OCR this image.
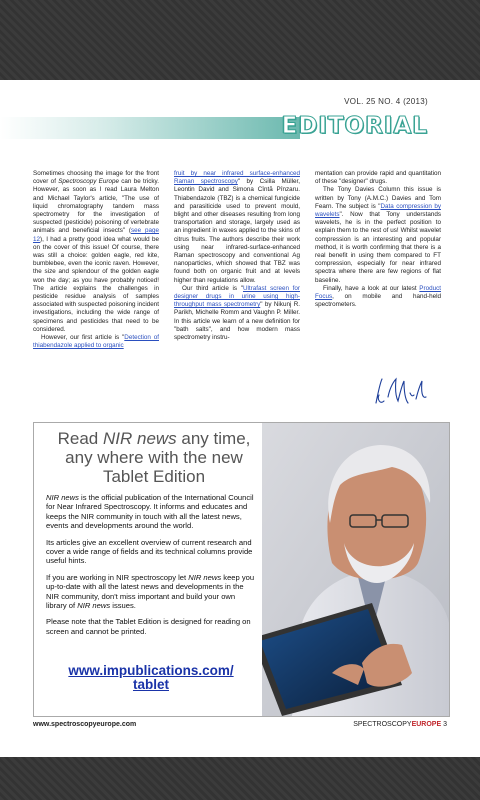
VOL. 25 NO. 4 (2013)
EDITORIAL

Sometimes choosing the image for the front cover of Spectroscopy Europe can be tricky. However, as soon as I read Laura Melton and Michael Taylor's article, "The use of liquid chromatography tandem mass spectrometry for the investigation of suspected (pesticide) poisoning of vertebrate animals and beneficial insects" (see page 12), I had a pretty good idea what would be on the cover of this issue! Of course, there was still a choice: golden eagle, red kite, bumblebee, even the iconic raven. However, the size and splendour of the golden eagle won the day; as you have probably noticed! The article explains the challenges in pesticide residue analysis of samples associated with suspected poisoning incident investigations, including the wide range of specimens and pesticides that need to be considered.

However, our first article is "Detection of thiabendazole applied to organic

fruit by near infrared surface-enhanced Raman spectroscopy" by Csilla Müller, Leontin David and Simona Cîntă Pînzaru. Thiabendazole (TBZ) is a chemical fungicide and parasiticide used to prevent mould, blight and other diseases resulting from long transportation and storage, largely used as an ingredient in waxes applied to the skins of citrus fruits. The authors describe their work using near infrared-surface-enhanced Raman spectroscopy and conventional Ag nanoparticles, which showed that TBZ was found both on organic fruit and at levels higher than regulations allow.

Our third article is "Ultrafast screen for designer drugs in urine using high-throughput mass spectrometry" by Nikunj R. Parikh, Michelle Romm and Vaughn P. Miller. In this article we learn of a new definition for "bath salts", and how modern mass spectrometry instru-

mentation can provide rapid and quantitation of these "designer" drugs.

The Tony Davies Column this issue is written by Tony (A.M.C.) Davies and Tom Fearn. The subject is "Data compression by wavelets". Now that Tony understands wavelets, he is in the perfect position to explain them to the rest of us! Whilst wavelet compression is an interesting and popular method, it is worth confirming that there is a real benefit in using them compared to FT compression, especially for near infrared spectra where there are few regions of flat baseline.

Finally, have a look at our latest Product Focus, on mobile and hand-held spectrometers.

Read NIR news any time, any where with the new Tablet Edition

NIR news is the official publication of the International Council for Near Infrared Spectroscopy. It informs and educates and keeps the NIR community in touch with all the latest news, events and developments around the world.

Its articles give an excellent overview of current research and cover a wide range of fields and its technical columns provide useful hints.

If you are working in NIR spectroscopy let NIR news keep you up-to-date with all the latest news and developments in the NIR community, don't miss important and build your own library of NIR news issues.

Please note that the Tablet Edition is designed for reading on screen and cannot be printed.

www.impublications.com/
tablet
www.spectroscopyeurope.com	SPECTROSCOPYEUROPE 3
